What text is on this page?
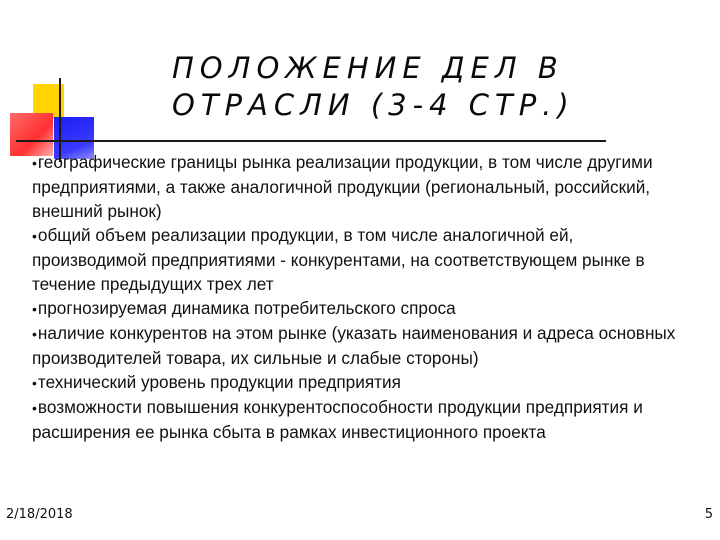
ПОЛОЖЕНИЕ ДЕЛ В
ОТРАСЛИ (3-4 СТР.)

•географические границы рынка реализации продукции, в том числе другими предприятиями, а также аналогичной продукции (региональный, российский, внешний рынок)

•общий объем реализации продукции, в том числе аналогичной ей, производимой предприятиями - конкурентами, на соответствующем рынке в течение предыдущих трех лет

•прогнозируемая динамика потребительского спроса

•наличие конкурентов на этом рынке (указать наименования и адреса основных производителей товара, их сильные и слабые стороны)

•технический уровень продукции предприятия

•возможности повышения конкурентоспособности продукции предприятия и расширения ее рынка сбыта в рамках инвестиционного проекта

2/18/2018	5
